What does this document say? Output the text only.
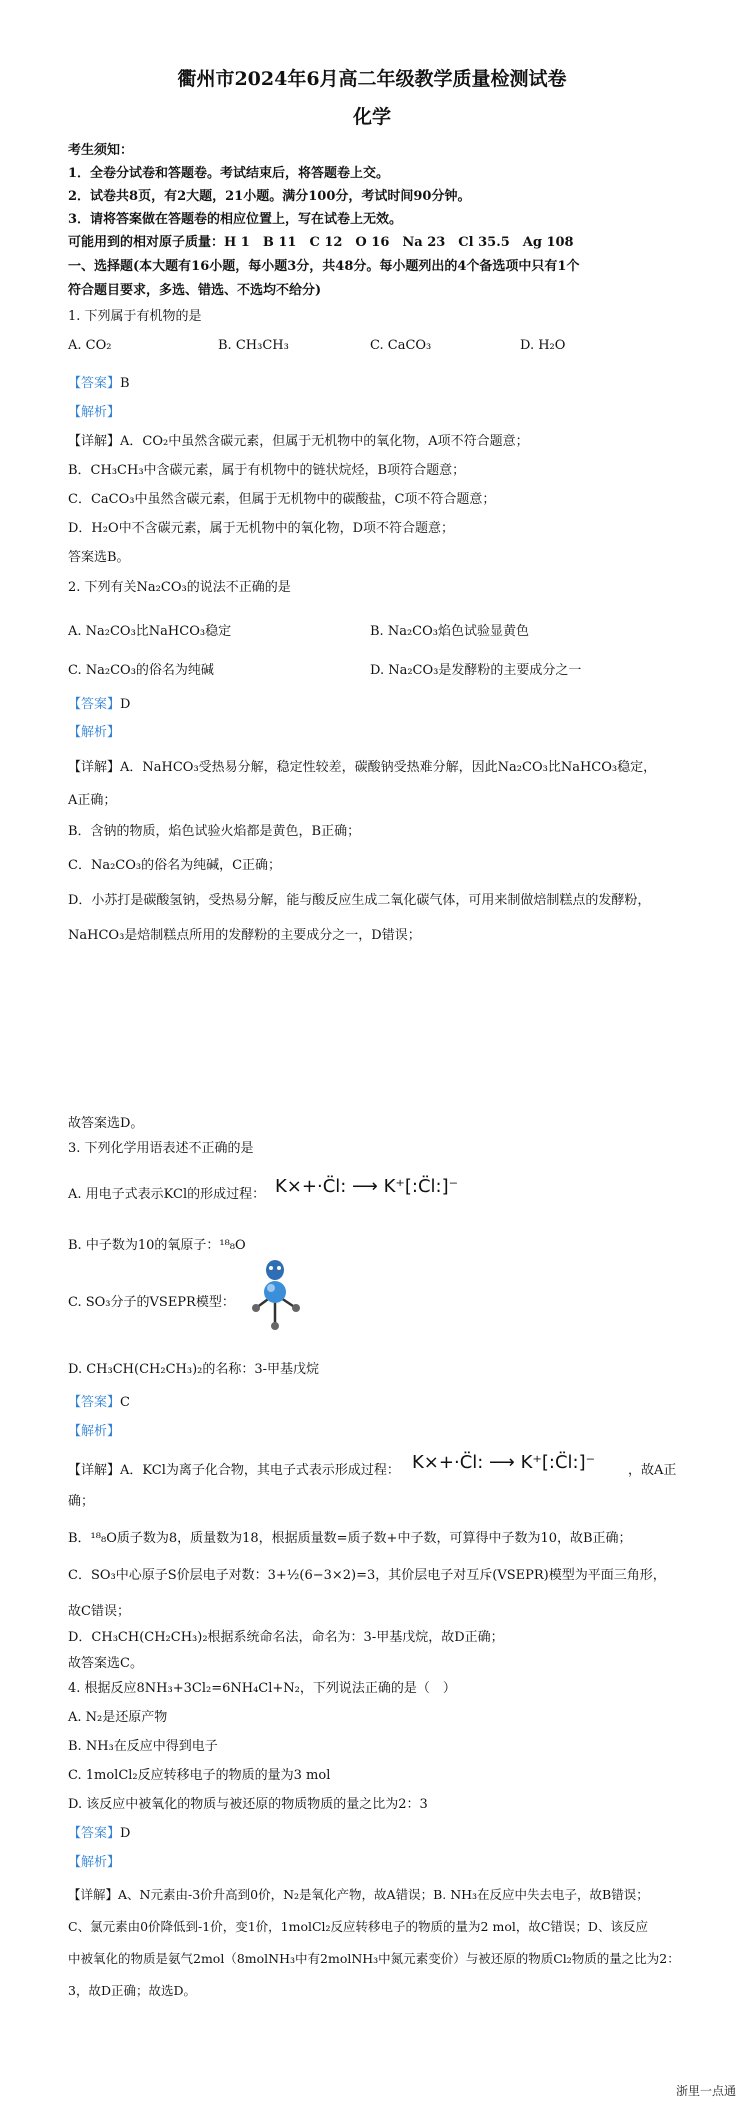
衢州市2024年6月高二年级教学质量检测试卷
化学
考生须知：
1．全卷分试卷和答题卷。考试结束后，将答题卷上交。
2．试卷共8页，有2大题，21小题。满分100分，考试时间90分钟。
3．请将答案做在答题卷的相应位置上，写在试卷上无效。
可能用到的相对原子质量：H 1　B 11　C 12　O 16　Na 23　Cl 35.5　Ag 108
一、选择题(本大题有16小题，每小题3分，共48分。每小题列出的4个备选项中只有1个
符合题目要求，多选、错选、不选均不给分)
1. 下列属于有机物的是
A. CO₂	B. CH₃CH₃	C. CaCO₃	D. H₂O
【答案】B
【解析】
【详解】A．CO₂中虽然含碳元素，但属于无机物中的氧化物，A项不符合题意；
B．CH₃CH₃中含碳元素，属于有机物中的链状烷烃，B项符合题意；
C．CaCO₃中虽然含碳元素，但属于无机物中的碳酸盐，C项不符合题意；
D．H₂O中不含碳元素，属于无机物中的氧化物，D项不符合题意；
答案选B。
2. 下列有关Na₂CO₃的说法不正确的是
A. Na₂CO₃比NaHCO₃稳定	B. Na₂CO₃焰色试验显黄色
C. Na₂CO₃的俗名为纯碱	D. Na₂CO₃是发酵粉的主要成分之一
【答案】D
【解析】
【详解】A．NaHCO₃受热易分解，稳定性较差，碳酸钠受热难分解，因此Na₂CO₃比NaHCO₃稳定，
A正确；
B．含钠的物质，焰色试验火焰都是黄色，B正确；
C．Na₂CO₃的俗名为纯碱，C正确；
D．小苏打是碳酸氢钠，受热易分解，能与酸反应生成二氧化碳气体，可用来制做焙制糕点的发酵粉，
NaHCO₃是焙制糕点所用的发酵粉的主要成分之一，D错误；
故答案选D。
3. 下列化学用语表述不正确的是
A. 用电子式表示KCl的形成过程： K×+·C̈l: ⟶ K⁺[:C̈l:]⁻
B. 中子数为10的氧原子：¹⁸₈O
C. SO₃分子的VSEPR模型：
D. CH₃CH(CH₂CH₃)₂的名称：3-甲基戊烷
【答案】C
【解析】
【详解】A．KCl为离子化合物，其电子式表示形成过程： K×+·C̈l: ⟶ K⁺[:C̈l:]⁻	，故A正
确；
B．¹⁸₈O质子数为8，质量数为18，根据质量数=质子数+中子数，可算得中子数为10，故B正确；
C．SO₃中心原子S价层电子对数：3+½(6−3×2)=3，其价层电子对互斥(VSEPR)模型为平面三角形，
故C错误；
D．CH₃CH(CH₂CH₃)₂根据系统命名法，命名为：3-甲基戊烷，故D正确；
故答案选C。
4. 根据反应8NH₃+3Cl₂=6NH₄Cl+N₂，下列说法正确的是（　）
A. N₂是还原产物
B. NH₃在反应中得到电子
C. 1molCl₂反应转移电子的物质的量为3 mol
D. 该反应中被氧化的物质与被还原的物质物质的量之比为2：3
【答案】D
【解析】
【详解】A、N元素由-3价升高到0价，N₂是氧化产物，故A错误；B. NH₃在反应中失去电子，故B错误；
C、氯元素由0价降低到-1价，变1价，1molCl₂反应转移电子的物质的量为2 mol，故C错误；D、该反应
中被氧化的物质是氨气2mol（8molNH₃中有2molNH₃中氮元素变价）与被还原的物质Cl₂物质的量之比为2：
3，故D正确；故选D。
浙里一点通
